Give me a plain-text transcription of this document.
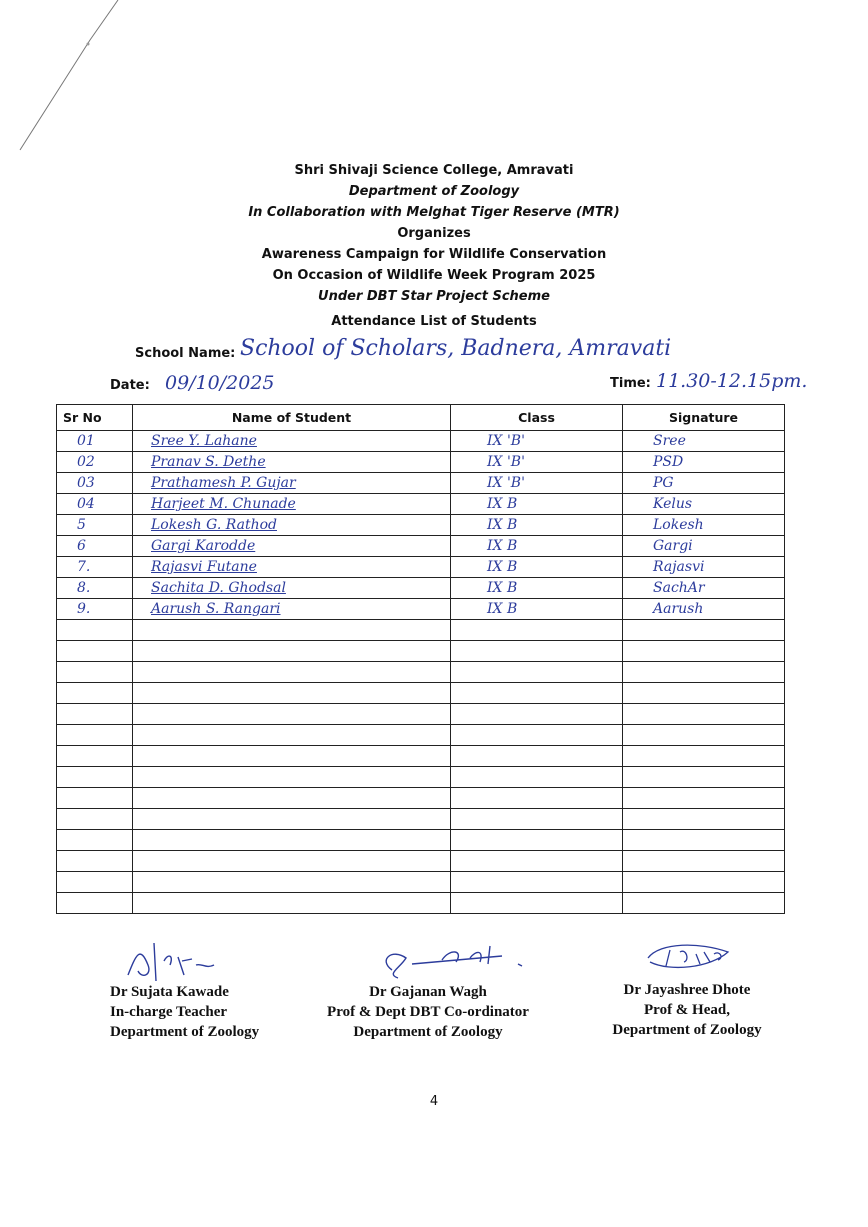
Shri Shivaji Science College, Amravati
Department of Zoology
In Collaboration with Melghat Tiger Reserve (MTR)
Organizes
Awareness Campaign for Wildlife Conservation
On Occasion of Wildlife Week Program 2025
Under DBT Star Project Scheme
Attendance List of Students
School Name: School of Scholars, Badnera, Amravati
Date: 09/10/2025	Time: 11.30-12.15pm.
Sr No	Name of Student	Class	Signature
01	Sree Y. Lahane	IX 'B'	Sree
02	Pranav S. Dethe	IX 'B'	PSD
03	Prathamesh P. Gujar	IX 'B'	PG
04	Harjeet M. Chunade	IX B	Kelus
5	Lokesh G. Rathod	IX B	Lokesh
6	Gargi Karodde	IX B	Gargi
7.	Rajasvi Futane	IX B	Rajasvi
8.	Sachita D. Ghodsal	IX B	SachAr
9.	Aarush S. Rangari	IX B	Aarush

Dr Sujata Kawade
In-charge Teacher
Department of Zoology
Dr Gajanan Wagh
Prof & Dept DBT Co-ordinator
Department of Zoology
Dr Jayashree Dhote
Prof & Head,
Department of Zoology
4
